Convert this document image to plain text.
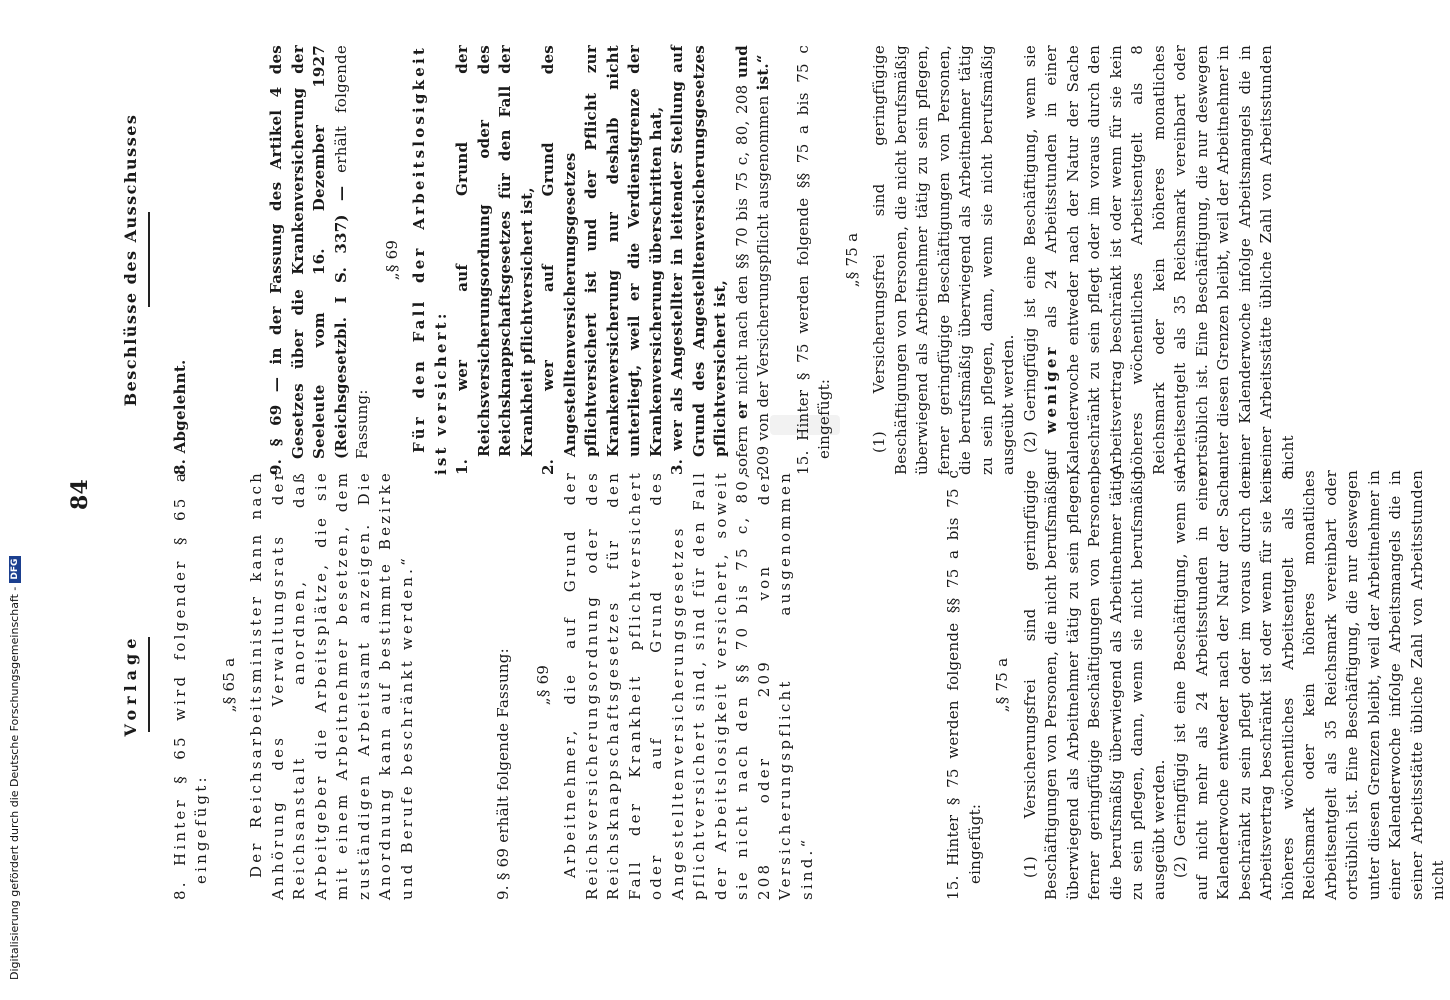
84
Vorlage 8. Hinter § 65 wird folgender § 65 a eingefügt:

„§ 65 a Der Reichsarbeitsminister kann nach Anhörung des Verwaltungsrats der Reichsanstalt anordnen, daß Arbeitgeber die Arbeitsplätze, die sie mit einem Arbeitnehmer besetzen, dem zuständigen Arbeitsamt anzeigen. Die Anordnung kann auf bestimmte Bezirke und Berufe beschränkt werden.“	9. § 69 erhält folgende Fassung: „§ 69 Arbeitnehmer, die auf Grund der Reichsversicherungsordnung oder des Reichsknappschaftsgesetzes für den Fall der Krankheit pflichtversichert oder auf Grund des Angestelltenversicherungsgesetzes pflichtversichert sind, sind für den Fall der Arbeitslosigkeit versichert, soweit sie nicht nach den §§ 70 bis 75 c, 80, 208 oder 209 von der Versicherungspflicht ausgenommen sind.“	15. Hinter § 75 werden folgende §§ 75 a bis 75 c eingefügt:

„§ 75 a (1) Versicherungsfrei sind geringfügige Beschäftigungen von Personen, die nicht berufsmäßig überwiegend als Arbeitnehmer tätig zu sein pflegen, ferner geringfügige Beschäftigungen von Personen, die berufsmäßig überwiegend als Arbeitnehmer tätig zu sein pflegen, dann, wenn sie nicht berufsmäßig ausgeübt werden. (2) Geringfügig ist eine Beschäftigung, wenn sie auf nicht mehr als 24 Arbeitsstunden in einer Kalenderwoche entweder nach der Natur der Sache beschränkt zu sein pflegt oder im voraus durch den Arbeitsvertrag beschränkt ist oder wenn für sie kein höheres wöchentliches Arbeitsentgelt als 8 Reichsmark oder kein höheres monatliches Arbeitsentgelt als 35 Reichsmark vereinbart oder ortsüblich ist. Eine Beschäftigung, die nur deswegen unter diesen Grenzen bleibt, weil der Arbeitnehmer in einer Kalenderwoche infolge Arbeitsmangels die in seiner Arbeitsstätte übliche Zahl von Arbeitsstunden nicht

Beschlüsse des Ausschusses

8. Abgelehnt.	9. § 69 — in der Fassung des Artikel 4 des Gesetzes über die Krankenversicherung der Seeleute vom 16. Dezember 1927 (Reichsgesetzbl. I S. 337) — erhält folgende Fassung:

„§ 69 Für den Fall der Arbeitslosigkeit ist versichert: 1. wer auf Grund der Reichsversicherungsordnung oder des Reichsknappschaftsgesetzes für den Fall der Krankheit pflichtversichert ist, 2. wer auf Grund des Angestelltenversicherungsgesetzes pflichtversichert ist und der Pflicht zur Krankenversicherung nur deshalb nicht unterliegt, weil er die Verdienstgrenze der Krankenversicherung überschritten hat, 3. wer als Angestellter in leitender Stellung auf Grund des Angestelltenversicherungsgesetzes pflichtversichert ist, sofern er nicht nach den §§ 70 bis 75 c, 80, 208 und 209 von der Versicherungspflicht ausgenommen ist.“ 15. Hinter § 75 werden folgende §§ 75 a bis 75 c eingefügt:

„§ 75 a (1) Versicherungsfrei sind geringfügige Beschäftigungen von Personen, die nicht berufsmäßig überwiegend als Arbeitnehmer tätig zu sein pflegen, ferner geringfügige Beschäftigungen von Personen, die berufsmäßig überwiegend als Arbeitnehmer tätig zu sein pflegen, dann, wenn sie nicht berufsmäßig ausgeübt werden. (2) Geringfügig ist eine Beschäftigung, wenn sie auf weniger als 24 Arbeitsstunden in einer Kalenderwoche entweder nach der Natur der Sache beschränkt zu sein pflegt oder im voraus durch den Arbeitsvertrag beschränkt ist oder wenn für sie kein höheres wöchentliches Arbeitsentgelt als 8 Reichsmark oder kein höheres monatliches Arbeitsentgelt als 35 Reichsmark vereinbart oder ortsüblich ist. Eine Beschäftigung, die nur deswegen unter diesen Grenzen bleibt, weil der Arbeitnehmer in einer Kalenderwoche infolge Arbeitsmangels die in seiner Arbeitsstätte übliche Zahl von Arbeitsstunden nicht

Digitalisierung gefördert durch die Deutsche Forschungsgemeinschaft -
DFG
